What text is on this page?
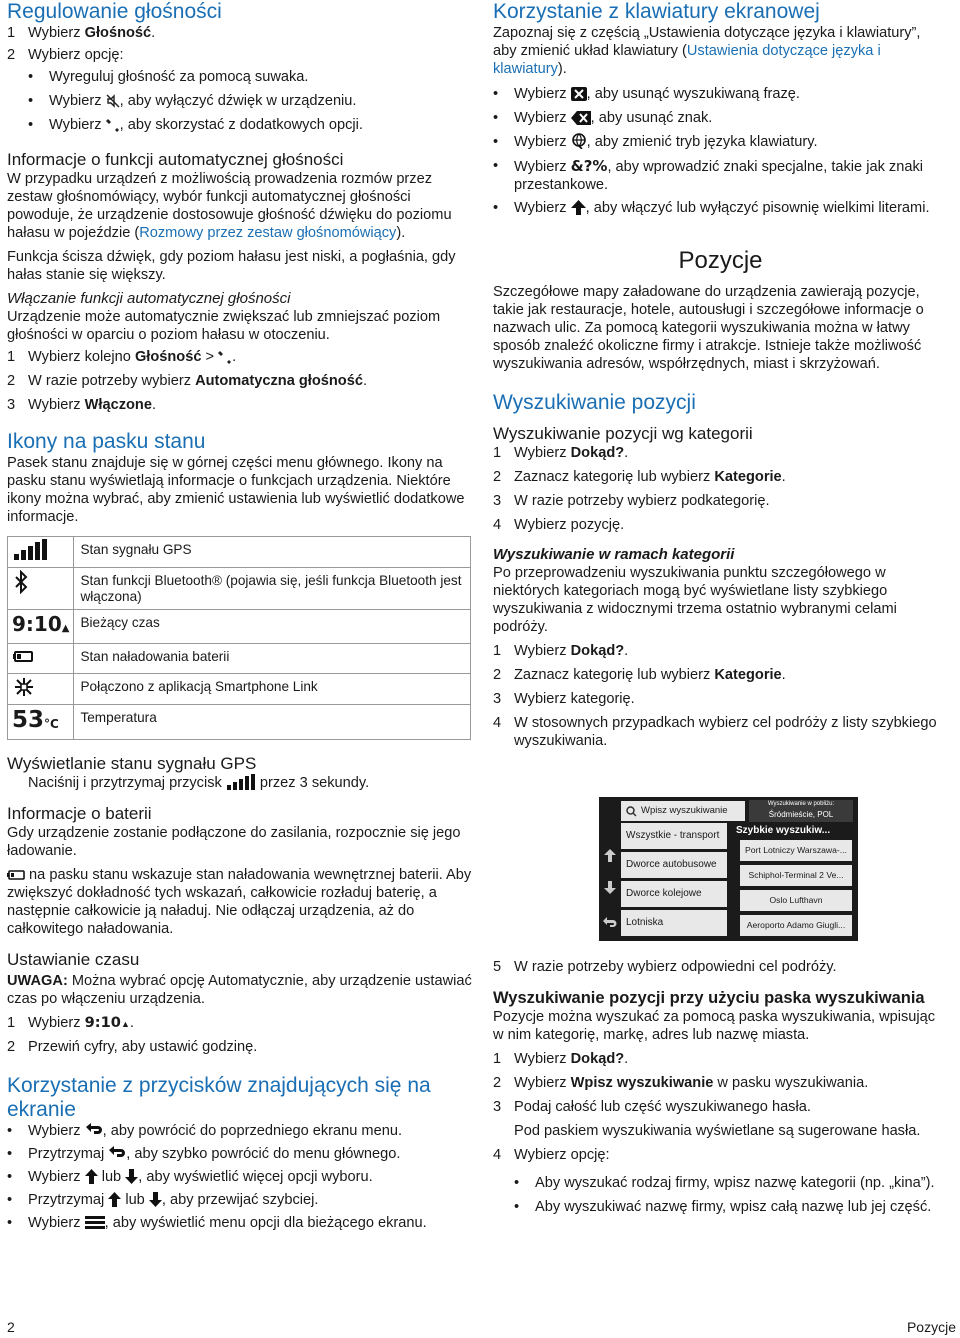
Regulowanie głośności
1 Wybierz Głośność.
2 Wybierz opcję:
•	Wyreguluj głośność za pomocą suwaka.
•	Wybierz , aby wyłączyć dźwięk w urządzeniu.
•	Wybierz , aby skorzystać z dodatkowych opcji.
Informacje o funkcji automatycznej głośności

W przypadku urządzeń z możliwością prowadzenia rozmów przez zestaw głośnomówiący, wybór funkcji automatycznej głośności powoduje, że urządzenie dostosowuje głośność dźwięku do poziomu hałasu w pojeździe (Rozmowy przez zestaw głośnomówiący).

Funkcja ścisza dźwięk, gdy poziom hałasu jest niski, a pogłaśnia, gdy hałas stanie się większy.

Włączanie funkcji automatycznej głośności

Urządzenie może automatycznie zwiększać lub zmniejszać poziom głośności w oparciu o poziom hałasu w otoczeniu.

1 Wybierz kolejno Głośność > .
2 W razie potrzeby wybierz Automatyczna głośność.
3 Wybierz Włączone.
Ikony na pasku stanu

Pasek stanu znajduje się w górnej części menu głównego. Ikony na pasku stanu wyświetlają informacje o funkcjach urządzenia. Niektóre ikony można wybrać, aby zmienić ustawienia lub wyświetlić dodatkowe informacje.

	Stan sygnału GPS
	Stan funkcji Bluetooth® (pojawia się, jeśli funkcja Bluetooth jest włączona)
9:10▲	Bieżący czas
	Stan naładowania baterii
	Połączono z aplikacją Smartphone Link
53°C	Temperatura
Wyświetlanie stanu sygnału GPS

Naciśnij i przytrzymaj przycisk  przez 3 sekundy.

Informacje o baterii

Gdy urządzenie zostanie podłączone do zasilania, rozpocznie się jego ładowanie.

na pasku stanu wskazuje stan naładowania wewnętrznej baterii. Aby zwiększyć dokładność tych wskazań, całkowicie rozładuj baterię, a następnie całkowicie ją naładuj. Nie odłączaj urządzenia, aż do całkowitego naładowania.

Ustawianie czasu

UWAGA: Można wybrać opcję Automatycznie, aby urządzenie ustawiać czas po włączeniu urządzenia.

1 Wybierz 9:10▲.
2 Przewiń cyfry, aby ustawić godzinę.
Korzystanie z przycisków znajdujących się na ekranie
•	Wybierz , aby powrócić do poprzedniego ekranu menu.
•	Przytrzymaj , aby szybko powrócić do menu głównego.
•	Wybierz  lub , aby wyświetlić więcej opcji wyboru.
•	Przytrzymaj  lub , aby przewijać szybciej.
•	Wybierz , aby wyświetlić menu opcji dla bieżącego ekranu.
Korzystanie z klawiatury ekranowej

Zapoznaj się z częścią „Ustawienia dotyczące języka i klawiatury”, aby zmienić układ klawiatury (Ustawienia dotyczące języka i klawiatury).

•	Wybierz , aby usunąć wyszukiwaną frazę.
•	Wybierz , aby usunąć znak.
•	Wybierz , aby zmienić tryb języka klawiatury.
•	Wybierz &?%, aby wprowadzić znaki specjalne, takie jak znaki przestankowe.
•	Wybierz , aby włączyć lub wyłączyć pisownię wielkimi literami.
Pozycje

Szczegółowe mapy załadowane do urządzenia zawierają pozycje, takie jak restauracje, hotele, autousługi i szczegółowe informacje o nazwach ulic. Za pomocą kategorii wyszukiwania można w łatwy sposób znaleźć okoliczne firmy i atrakcje. Istnieje także możliwość wyszukiwania adresów, współrzędnych, miast i skrzyżowań.

Wyszukiwanie pozycji
Wyszukiwanie pozycji wg kategorii
1 Wybierz Dokąd?.
2 Zaznacz kategorię lub wybierz Kategorie.
3 W razie potrzeby wybierz podkategorię.
4 Wybierz pozycję.
Wyszukiwanie w ramach kategorii

Po przeprowadzeniu wyszukiwania punktu szczegółowego w niektórych kategoriach mogą być wyświetlane listy szybkiego wyszukiwania z widocznymi trzema ostatnio wybranymi celami podróży.

1 Wybierz Dokąd?.
2 Zaznacz kategorię lub wybierz Kategorie.
3 Wybierz kategorię.
4 W stosownych przypadkach wybierz cel podróży z listy szybkiego wyszukiwania.
5 W razie potrzeby wybierz odpowiedni cel podróży.
Wyszukiwanie pozycji przy użyciu paska wyszukiwania

Pozycje można wyszukać za pomocą paska wyszukiwania, wpisując w nim kategorię, markę, adres lub nazwę miasta.

1 Wybierz Dokąd?.
2 Wybierz Wpisz wyszukiwanie w pasku wyszukiwania.
3 Podaj całość lub część wyszukiwanego hasła.

Pod paskiem wyszukiwania wyświetlane są sugerowane hasła.

4 Wybierz opcję:
•	Aby wyszukać rodzaj firmy, wpisz nazwę kategorii (np. „kina”).
•	Aby wyszukiwać nazwę firmy, wpisz całą nazwę lub jej część.
Wpisz wyszukiwanie
Wyszukiwanie w pobliżu:
Śródmieście, POL
Wszystkie - transport
Dworce autobusowe
Dworce kolejowe
Lotniska
Szybkie wyszukiw...
Port Lotniczy Warszawa-...
Schiphol-Terminal 2 Ve...
Oslo Lufthavn
Aeroporto Adamo Giugli...
2	Pozycje
